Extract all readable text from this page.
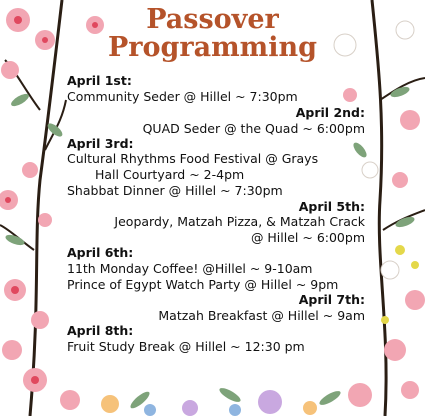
Passover
Programming

April 1st:

Community Seder @ Hillel ~ 7:30pm

April 2nd:

QUAD Seder @ the Quad ~ 6:00pm

April 3rd:

Cultural Rhythms Food Festival @ Grays

Hall Courtyard ~ 2-4pm

Shabbat Dinner @ Hillel ~ 7:30pm

April 5th:

Jeopardy, Matzah Pizza, & Matzah Crack

@ Hillel ~ 6:00pm

April 6th:

11th Monday Coffee! @Hillel ~ 9-10am

Prince of Egypt Watch Party @ Hillel ~ 9pm

April 7th:

Matzah Breakfast @ Hillel ~ 9am

April 8th:

Fruit Study Break @ Hillel ~ 12:30 pm
